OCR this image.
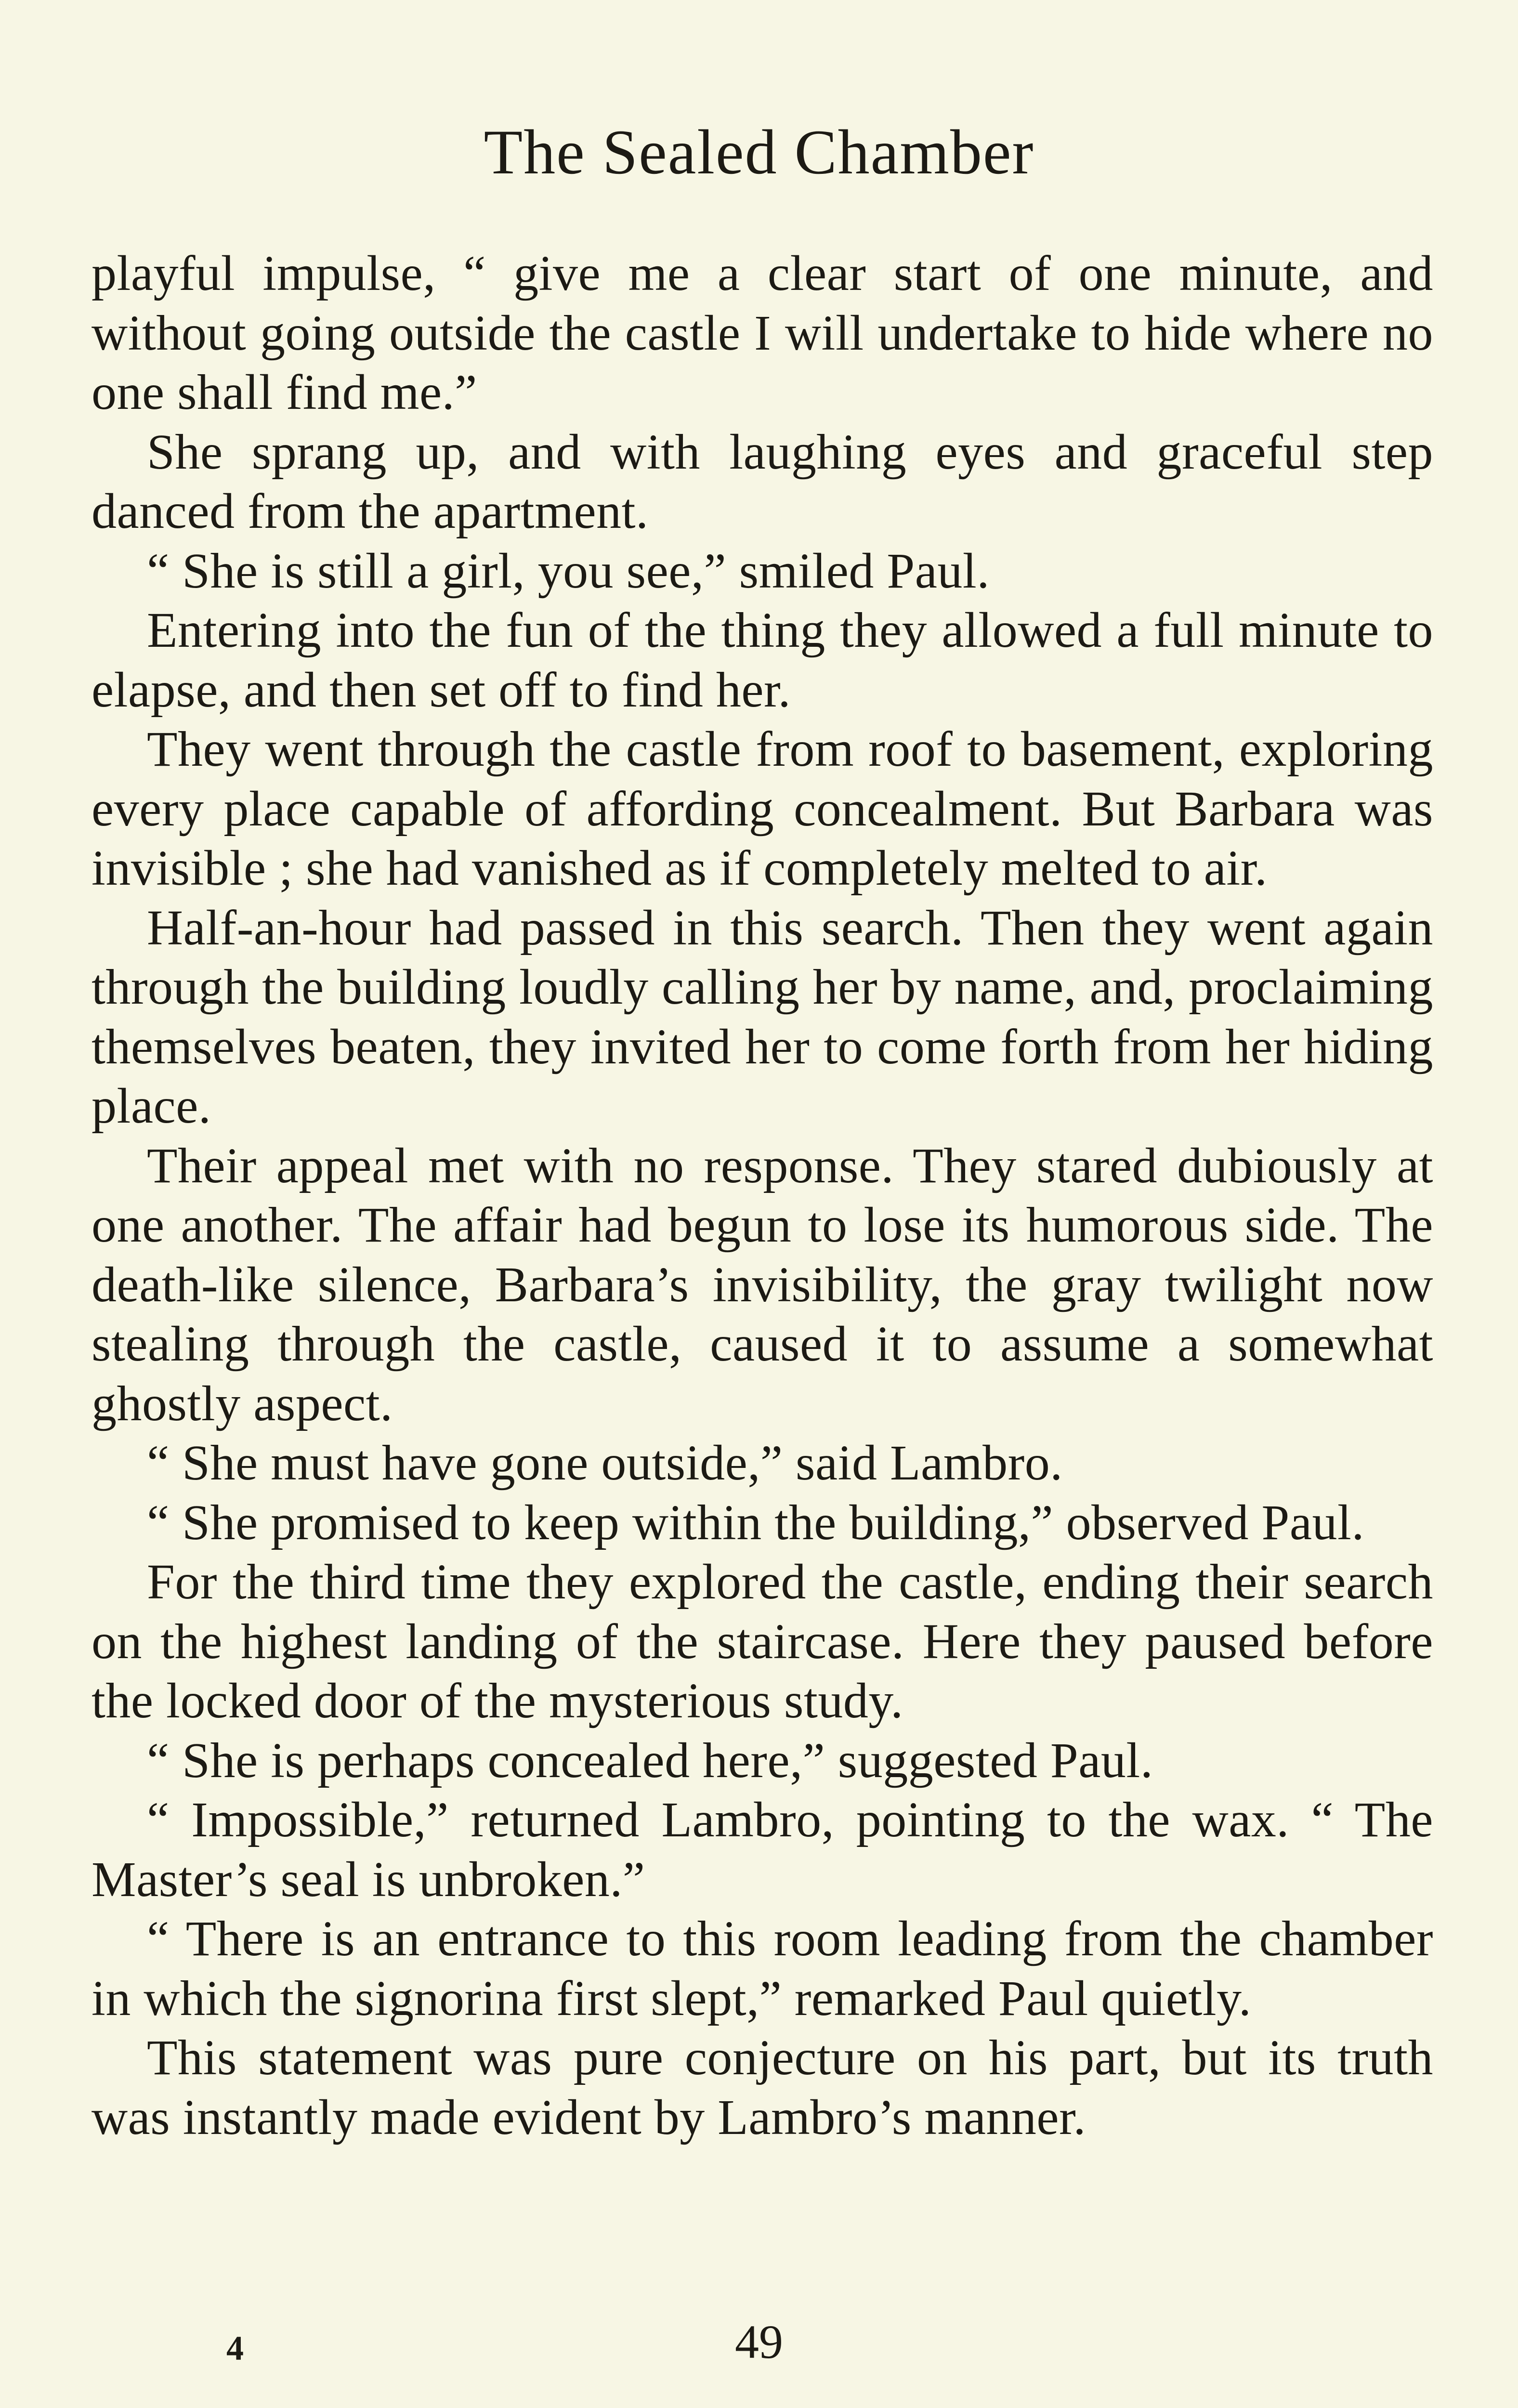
The Sealed Chamber

playful impulse, “ give me a clear start of one minute, and without going outside the castle I will undertake to hide where no one shall find me.”

She sprang up, and with laughing eyes and graceful step danced from the apartment.

“ She is still a girl, you see,” smiled Paul.

Entering into the fun of the thing they allowed a full minute to elapse, and then set off to find her.

They went through the castle from roof to basement, exploring every place capable of affording concealment. But Barbara was invisible ; she had vanished as if completely melted to air.

Half-an-hour had passed in this search. Then they went again through the building loudly calling her by name, and, proclaiming themselves beaten, they invited her to come forth from her hiding place.

Their appeal met with no response. They stared dubiously at one another. The affair had begun to lose its humorous side. The death-like silence, Barbara’s invisibility, the gray twilight now stealing through the castle, caused it to assume a somewhat ghostly aspect.

“ She must have gone outside,” said Lambro.

“ She promised to keep within the building,” observed Paul.

For the third time they explored the castle, ending their search on the highest landing of the staircase. Here they paused before the locked door of the mysterious study.

“ She is perhaps concealed here,” suggested Paul.

“ Impossible,” returned Lambro, pointing to the wax. “ The Master’s seal is unbroken.”

“ There is an entrance to this room leading from the chamber in which the signorina first slept,” remarked Paul quietly.

This statement was pure conjecture on his part, but its truth was instantly made evident by Lambro’s manner.

4	49
